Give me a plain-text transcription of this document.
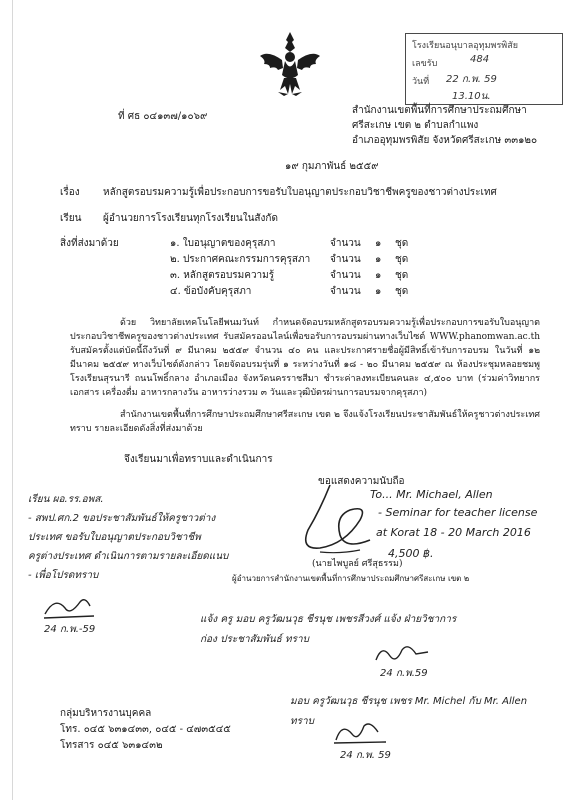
โรงเรียนอนุบาลอุทุมพรพิสัย
เลขรับ	484
วันที่ 22 ก.พ. 59
13.10น.
ที่ ศธ ๐๔๑๓๗/๑๐๖๙
สำนักงานเขตพื้นที่การศึกษาประถมศึกษา
ศรีสะเกษ เขต ๒ ตำบลกำแพง
อำเภออุทุมพรพิสัย จังหวัดศรีสะเกษ ๓๓๑๒๐
๑๙ กุมภาพันธ์ ๒๕๕๙
เรื่อง หลักสูตรอบรมความรู้เพื่อประกอบการขอรับใบอนุญาตประกอบวิชาชีพครูของชาวต่างประเทศ
เรียน ผู้อำนวยการโรงเรียนทุกโรงเรียนในสังกัด
สิ่งที่ส่งมาด้วย	๑. ใบอนุญาตของคุรุสภา	จำนวน ๑ ชุด
๒. ประกาศคณะกรรมการคุรุสภา จำนวน ๑ ชุด
๓. หลักสูตรอบรมความรู้	จำนวน ๑ ชุด
๔. ข้อบังคับคุรุสภา	จำนวน ๑ ชุด
ด้วย วิทยาลัยเทคโนโลยีพนมวันท์ กำหนดจัดอบรมหลักสูตรอบรมความรู้เพื่อประกอบการขอรับใบอนุญาตประกอบวิชาชีพครูของชาวต่างประเทศ รับสมัครออนไลน์เพื่อขอรับการอบรมผ่านทางเว็บไซต์ WWW.phanomwan.ac.th รับสมัครตั้งแต่บัดนี้ถึงวันที่ ๙ มีนาคม ๒๕๕๙ จำนวน ๔๐ คน และประกาศรายชื่อผู้มีสิทธิ์เข้ารับการอบรม ในวันที่ ๑๒ มีนาคม ๒๕๕๙ ทางเว็บไซต์ดังกล่าว โดยจัดอบรมรุ่นที่ ๑ ระหว่างวันที่ ๑๘ - ๒๐ มีนาคม ๒๕๕๙ ณ ห้องประชุมหลอยชมพู โรงเรียนสุรนารี ถนนโพธิ์กลาง อำเภอเมือง จังหวัดนครราชสีมา ชำระค่าลงทะเบียนคนละ ๔,๕๐๐ บาท (ร่วมค่าวิทยากร เอกสาร เครื่องดื่ม อาหารกลางวัน อาหารว่างรวม ๓ วันและวุฒิบัตรผ่านการอบรมจากคุรุสภา)
สำนักงานเขตพื้นที่การศึกษาประถมศึกษาศรีสะเกษ เขต ๒ จึงแจ้งโรงเรียนประชาสัมพันธ์ให้ครูชาวต่างประเทศทราบ รายละเอียดดังสิ่งที่ส่งมาด้วย
จึงเรียนมาเพื่อทราบและดำเนินการ
ขอแสดงความนับถือ
(นายไพบูลย์ ศรีสุธรรม)
ผู้อำนวยการสำนักงานเขตพื้นที่การศึกษาประถมศึกษาศรีสะเกษ เขต ๒
To... Mr. Michael, Allen
- Seminar for teacher license
at Korat 18 - 20 March 2016
4,500 ฿.
เรียน ผอ.รร.อพส.
- สพป.ศก.2 ขอประชาสัมพันธ์ให้ครูชาวต่าง
ประเทศ ขอรับใบอนุญาตประกอบวิชาชีพ
ครูต่างประเทศ ดำเนินการตามรายละเอียดแนบ
- เพื่อโปรดทราบ
24 ก.พ.-59
แจ้ง ครู มอบ ครูวัฒนวุธ ชีรนุช เพชรสีวงศ์ แจ้ง ฝ่ายวิชาการ
ก่อง ประชาสัมพันธ์ ทราบ
24 ก.พ.59
มอบ ครูวัฒนวุธ ชีรนุช เพชร Mr. Michel กับ Mr. Allen
ทราบ
24 ก.พ. 59
กลุ่มบริหารงานบุคคล
โทร. ๐๔๕ ๖๓๑๔๓๓, ๐๔๕ - ๔๗๓๕๔๕
โทรสาร ๐๔๕ ๖๓๑๔๓๒
